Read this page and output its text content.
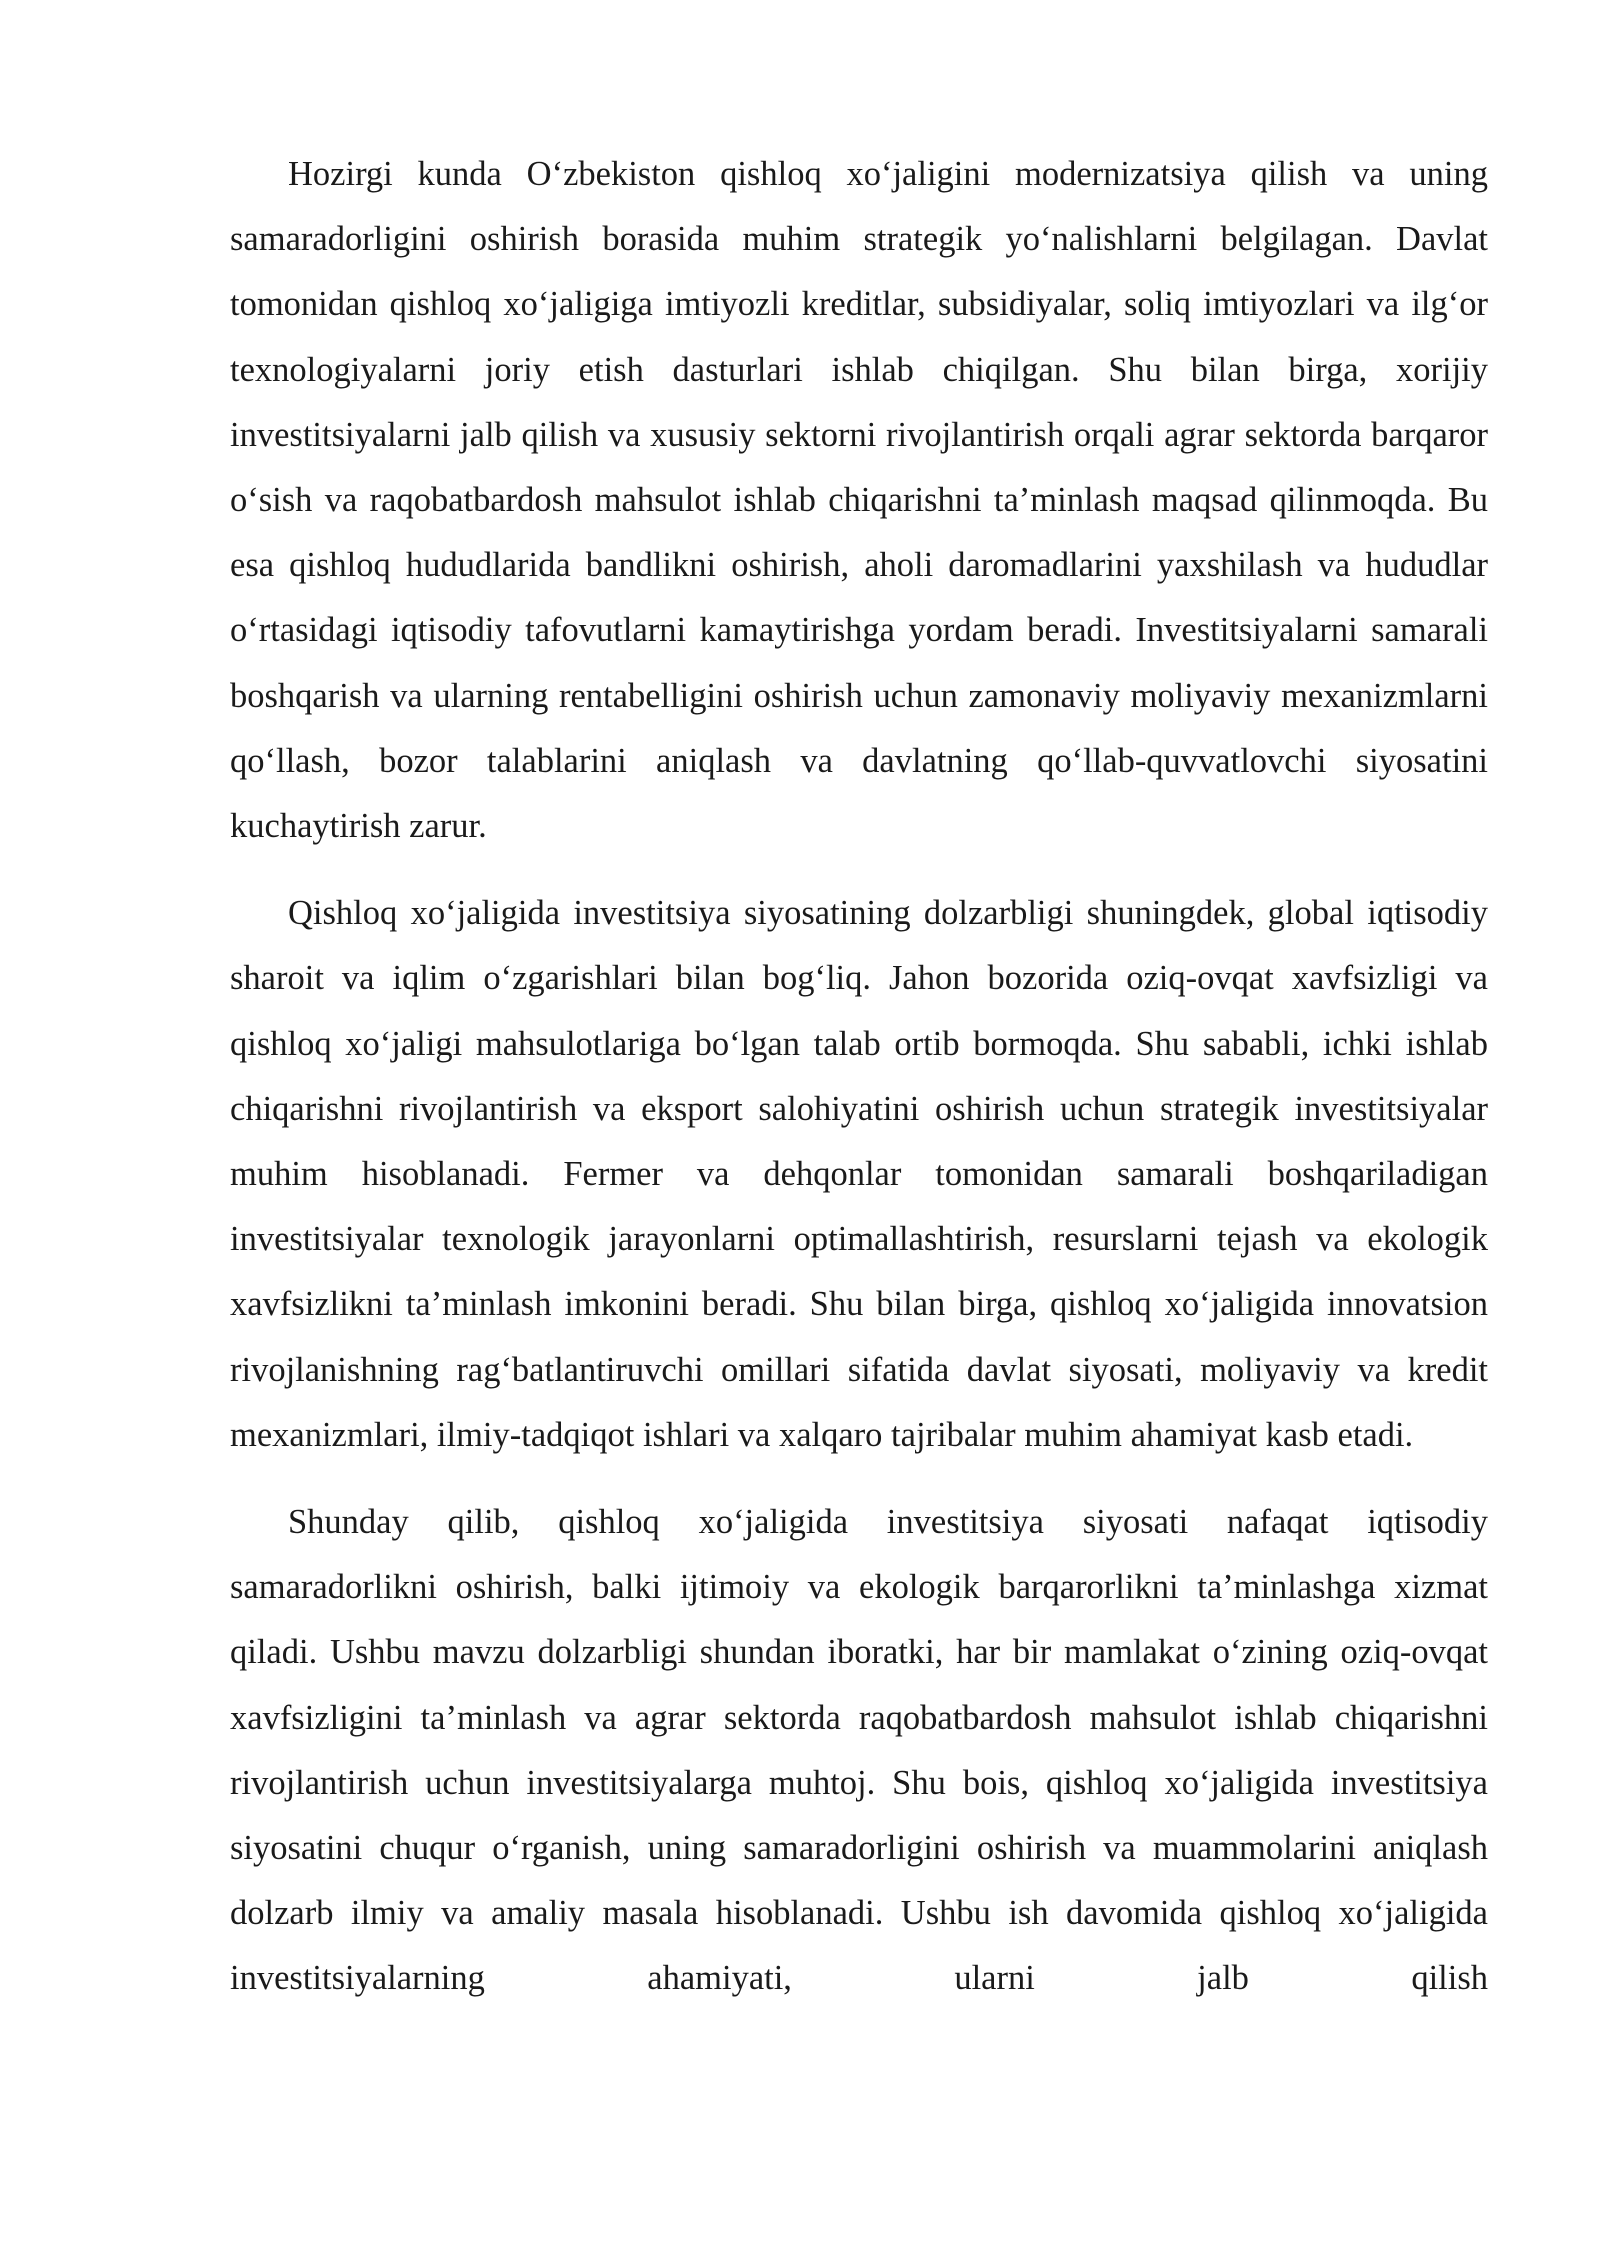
Hozirgi kunda O‘zbekiston qishloq xo‘jaligini modernizatsiya qilish va uning samaradorligini oshirish borasida muhim strategik yo‘nalishlarni belgilagan. Davlat tomonidan qishloq xo‘jaligiga imtiyozli kreditlar, subsidiyalar, soliq imtiyozlari va ilg‘or texnologiyalarni joriy etish dasturlari ishlab chiqilgan. Shu bilan birga, xorijiy investitsiyalarni jalb qilish va xususiy sektorni rivojlantirish orqali agrar sektorda barqaror o‘sish va raqobatbardosh mahsulot ishlab chiqarishni ta’minlash maqsad qilinmoqda. Bu esa qishloq hududlarida bandlikni oshirish, aholi daromadlarini yaxshilash va hududlar o‘rtasidagi iqtisodiy tafovutlarni kamaytirishga yordam beradi. Investitsiyalarni samarali boshqarish va ularning rentabelligini oshirish uchun zamonaviy moliyaviy mexanizmlarni qo‘llash, bozor talablarini aniqlash va davlatning qo‘llab-quvvatlovchi siyosatini kuchaytirish zarur.

Qishloq xo‘jaligida investitsiya siyosatining dolzarbligi shuningdek, global iqtisodiy sharoit va iqlim o‘zgarishlari bilan bog‘liq. Jahon bozorida oziq-ovqat xavfsizligi va qishloq xo‘jaligi mahsulotlariga bo‘lgan talab ortib bormoqda. Shu sababli, ichki ishlab chiqarishni rivojlantirish va eksport salohiyatini oshirish uchun strategik investitsiyalar muhim hisoblanadi. Fermer va dehqonlar tomonidan samarali boshqariladigan investitsiyalar texnologik jarayonlarni optimallashtirish, resurslarni tejash va ekologik xavfsizlikni ta’minlash imkonini beradi. Shu bilan birga, qishloq xo‘jaligida innovatsion rivojlanishning rag‘batlantiruvchi omillari sifatida davlat siyosati, moliyaviy va kredit mexanizmlari, ilmiy-tadqiqot ishlari va xalqaro tajribalar muhim ahamiyat kasb etadi.

Shunday qilib, qishloq xo‘jaligida investitsiya siyosati nafaqat iqtisodiy samaradorlikni oshirish, balki ijtimoiy va ekologik barqarorlikni ta’minlashga xizmat qiladi. Ushbu mavzu dolzarbligi shundan iboratki, har bir mamlakat o‘zining oziq-ovqat xavfsizligini ta’minlash va agrar sektorda raqobatbardosh mahsulot ishlab chiqarishni rivojlantirish uchun investitsiyalarga muhtoj. Shu bois, qishloq xo‘jaligida investitsiya siyosatini chuqur o‘rganish, uning samaradorligini oshirish va muammolarini aniqlash dolzarb ilmiy va amaliy masala hisoblanadi. Ushbu ish davomida qishloq xo‘jaligida investitsiyalarning ahamiyati, ularni jalb qilish
